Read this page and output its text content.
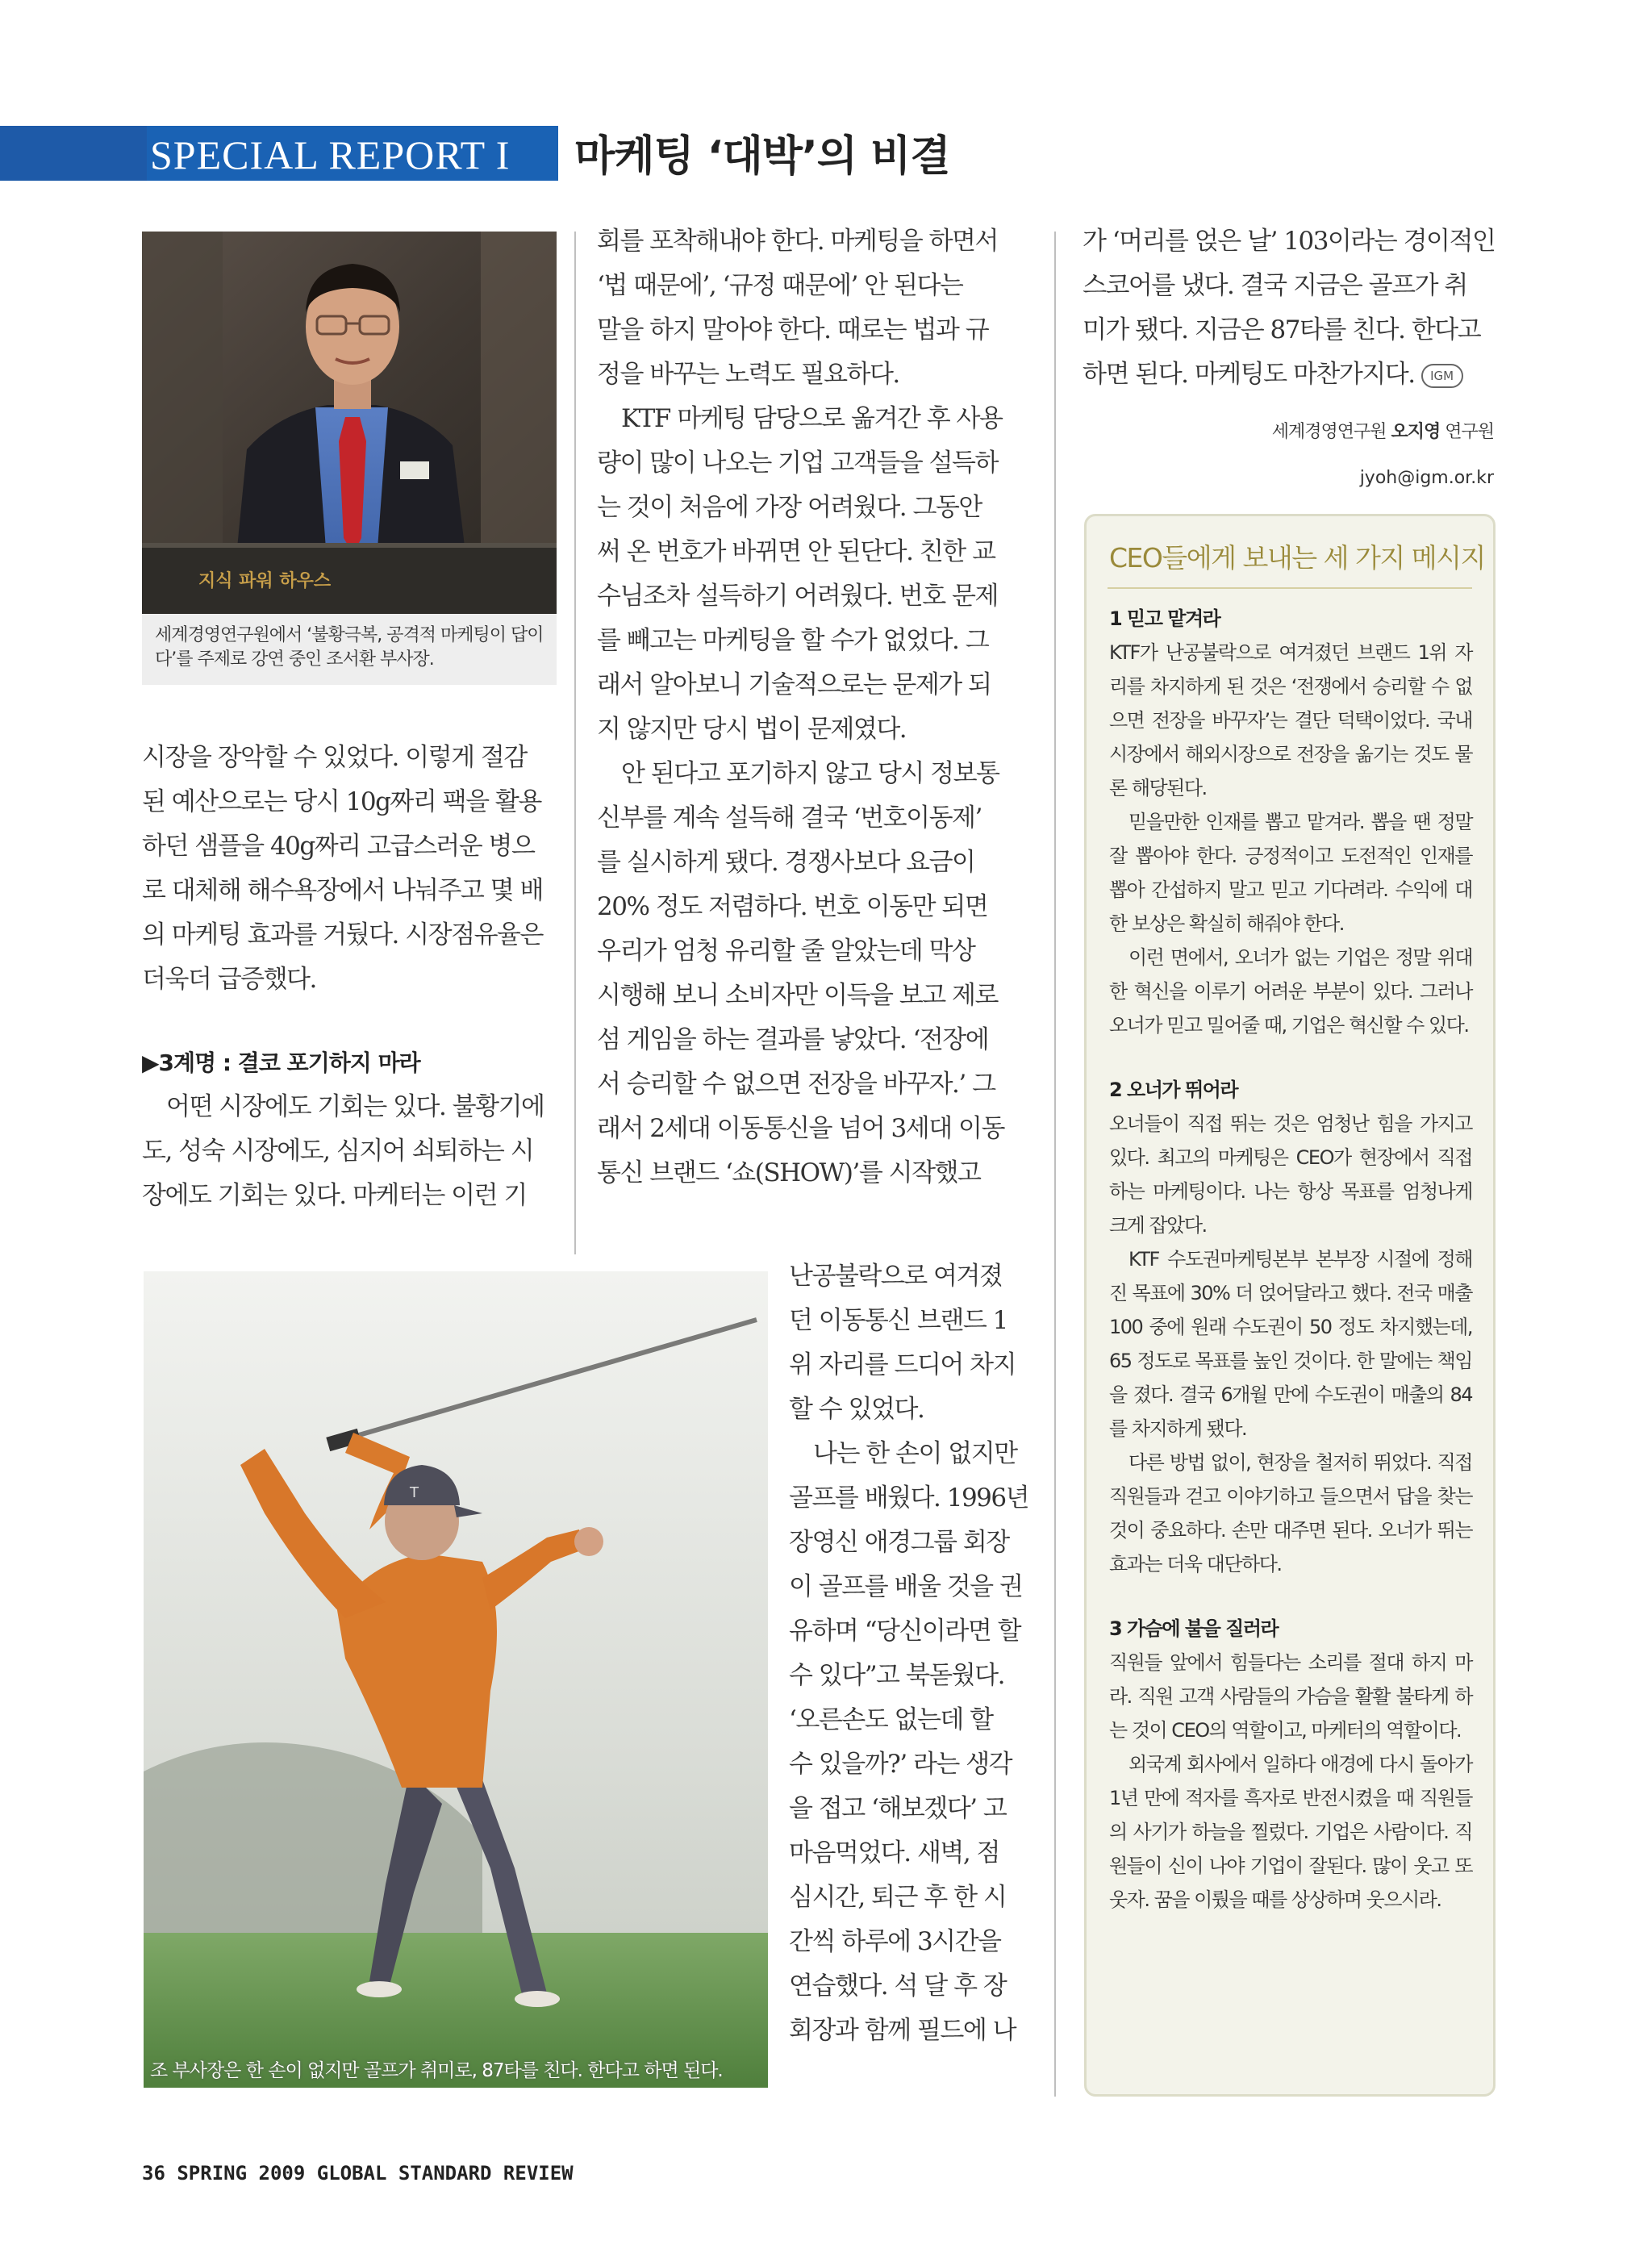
SPECIAL REPORT I 마케팅 ‘대박’의 비결
지식 파워 하우스
세계경영연구원에서 ‘불황극복, 공격적 마케팅이 답이다’를 주제로 강연 중인 조서환 부사장.

시장을 장악할 수 있었다. 이렇게 절감

된 예산으로는 당시 10g짜리 팩을 활용

하던 샘플을 40g짜리 고급스러운 병으

로 대체해 해수욕장에서 나눠주고 몇 배

의 마케팅 효과를 거뒀다. 시장점유율은

더욱더 급증했다.

▶3계명 : 결코 포기하지 마라

어떤 시장에도 기회는 있다. 불황기에

도, 성숙 시장에도, 심지어 쇠퇴하는 시

장에도 기회는 있다. 마케터는 이런 기

회를 포착해내야 한다. 마케팅을 하면서

‘법 때문에’, ‘규정 때문에’ 안 된다는

말을 하지 말아야 한다. 때로는 법과 규

정을 바꾸는 노력도 필요하다.

KTF 마케팅 담당으로 옮겨간 후 사용

량이 많이 나오는 기업 고객들을 설득하

는 것이 처음에 가장 어려웠다. 그동안

써 온 번호가 바뀌면 안 된단다. 친한 교

수님조차 설득하기 어려웠다. 번호 문제

를 빼고는 마케팅을 할 수가 없었다. 그

래서 알아보니 기술적으로는 문제가 되

지 않지만 당시 법이 문제였다.

안 된다고 포기하지 않고 당시 정보통

신부를 계속 설득해 결국 ‘번호이동제’

를 실시하게 됐다. 경쟁사보다 요금이

20% 정도 저렴하다. 번호 이동만 되면

우리가 엄청 유리할 줄 알았는데 막상

시행해 보니 소비자만 이득을 보고 제로

섬 게임을 하는 결과를 낳았다. ‘전장에

서 승리할 수 없으면 전장을 바꾸자.’ 그

래서 2세대 이동통신을 넘어 3세대 이동

통신 브랜드 ‘쇼(SHOW)’를 시작했고

난공불락으로 여겨졌

던 이동통신 브랜드 1

위 자리를 드디어 차지

할 수 있었다.

나는 한 손이 없지만

골프를 배웠다. 1996년

장영신 애경그룹 회장

이 골프를 배울 것을 권

유하며 “당신이라면 할

수 있다”고 북돋웠다.

‘오른손도 없는데 할

수 있을까?’ 라는 생각

을 접고 ‘해보겠다’ 고

마음먹었다. 새벽, 점

심시간, 퇴근 후 한 시

간씩 하루에 3시간을

연습했다. 석 달 후 장

회장과 함께 필드에 나

T
조 부사장은 한 손이 없지만 골프가 취미로, 87타를 친다. 한다고 하면 된다.

가 ‘머리를 얹은 날’ 103이라는 경이적인

스코어를 냈다. 결국 지금은 골프가 취

미가 됐다. 지금은 87타를 친다. 한다고

하면 된다. 마케팅도 마찬가지다. IGM

세계경영연구원 오지영 연구원
jyoh@igm.or.kr
CEO들에게 보내는 세 가지 메시지

1 믿고 맡겨라

KTF가 난공불락으로 여겨졌던 브랜드 1위 자리를 차지하게 된 것은 ‘전쟁에서 승리할 수 없으면 전장을 바꾸자’는 결단 덕택이었다. 국내 시장에서 해외시장으로 전장을 옮기는 것도 물론 해당된다.

믿을만한 인재를 뽑고 맡겨라. 뽑을 땐 정말 잘 뽑아야 한다. 긍정적이고 도전적인 인재를 뽑아 간섭하지 말고 믿고 기다려라. 수익에 대한 보상은 확실히 해줘야 한다.

이런 면에서, 오너가 없는 기업은 정말 위대한 혁신을 이루기 어려운 부분이 있다. 그러나 오너가 믿고 밀어줄 때, 기업은 혁신할 수 있다.

2 오너가 뛰어라

오너들이 직접 뛰는 것은 엄청난 힘을 가지고 있다. 최고의 마케팅은 CEO가 현장에서 직접 하는 마케팅이다. 나는 항상 목표를 엄청나게 크게 잡았다.

KTF 수도권마케팅본부 본부장 시절에 정해진 목표에 30% 더 얹어달라고 했다. 전국 매출 100 중에 원래 수도권이 50 정도 차지했는데, 65 정도로 목표를 높인 것이다. 한 말에는 책임을 졌다. 결국 6개월 만에 수도권이 매출의 84를 차지하게 됐다.

다른 방법 없이, 현장을 철저히 뛰었다. 직접 직원들과 걷고 이야기하고 들으면서 답을 찾는 것이 중요하다. 손만 대주면 된다. 오너가 뛰는 효과는 더욱 대단하다.

3 가슴에 불을 질러라

직원들 앞에서 힘들다는 소리를 절대 하지 마라. 직원 고객 사람들의 가슴을 활활 불타게 하는 것이 CEO의 역할이고, 마케터의 역할이다.

외국계 회사에서 일하다 애경에 다시 돌아가 1년 만에 적자를 흑자로 반전시켰을 때 직원들의 사기가 하늘을 찔렀다. 기업은 사람이다. 직원들이 신이 나야 기업이 잘된다. 많이 웃고 또 웃자. 꿈을 이뤘을 때를 상상하며 웃으시라.

36 SPRING 2009 GLOBAL STANDARD REVIEW
